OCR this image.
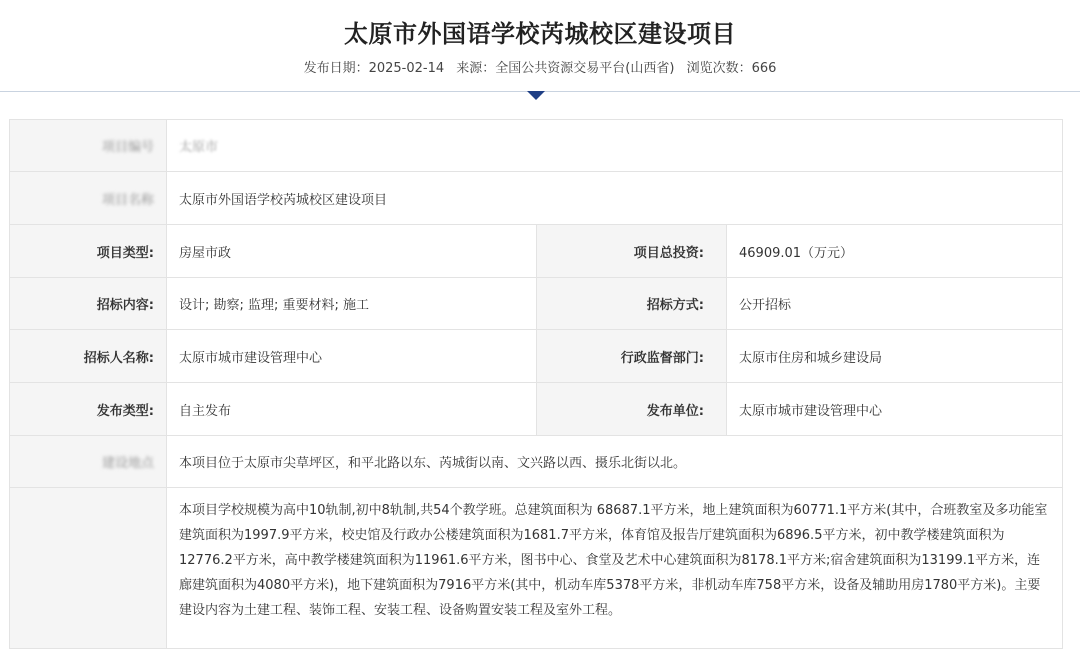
太原市外国语学校芮城校区建设项目
发布日期：2025-02-14 来源：全国公共资源交易平台(山西省) 浏览次数：666
项目编号 太原市
项目名称	太原市外国语学校芮城校区建设项目
项目类型:	房屋市政	项目总投资:	46909.01（万元）
招标内容:	设计; 勘察; 监理; 重要材料; 施工	招标方式:	公开招标
招标人名称:	太原市城市建设管理中心	行政监督部门:	太原市住房和城乡建设局
发布类型:	自主发布	发布单位:	太原市城市建设管理中心
建设地点	本项目位于太原市尖草坪区，和平北路以东、芮城街以南、文兴路以西、摄乐北街以北。
本项目学校规模为高中10轨制,初中8轨制,共54个教学班。总建筑面积为 68687.1平方米，地上建筑面积为60771.1平方米(其中，合班教室及多功能室建筑面积为1997.9平方米，校史馆及行政办公楼建筑面积为1681.7平方米，体育馆及报告厅建筑面积为6896.5平方米，初中教学楼建筑面积为12776.2平方米，高中教学楼建筑面积为11961.6平方米，图书中心、食堂及艺术中心建筑面积为8178.1平方米;宿舍建筑面积为13199.1平方米，连廊建筑面积为4080平方米)，地下建筑面积为7916平方米(其中，机动车库5378平方米，非机动车库758平方米，设备及辅助用房1780平方米)。主要建设内容为土建工程、装饰工程、安装工程、设备购置安装工程及室外工程。
